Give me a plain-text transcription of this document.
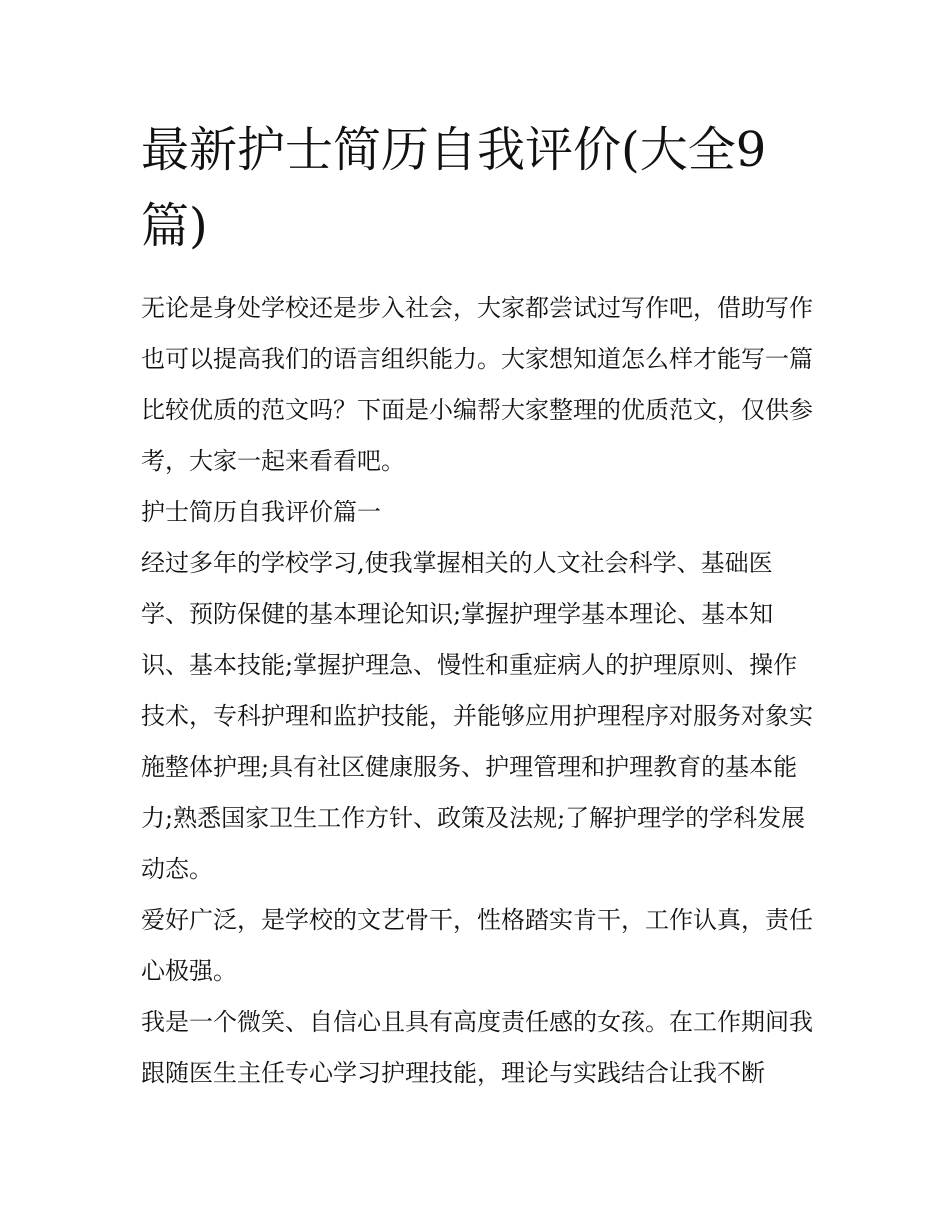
最新护士简历自我评价(大全9篇)

无论是身处学校还是步入社会，大家都尝试过写作吧，借助写作也可以提高我们的语言组织能力。大家想知道怎么样才能写一篇比较优质的范文吗？下面是小编帮大家整理的优质范文，仅供参考，大家一起来看看吧。

护士简历自我评价篇一

经过多年的学校学习,使我掌握相关的人文社会科学、基础医学、预防保健的基本理论知识;掌握护理学基本理论、基本知识、基本技能;掌握护理急、慢性和重症病人的护理原则、操作技术，专科护理和监护技能，并能够应用护理程序对服务对象实施整体护理;具有社区健康服务、护理管理和护理教育的基本能力;熟悉国家卫生工作方针、政策及法规;了解护理学的学科发展动态。

爱好广泛，是学校的文艺骨干，性格踏实肯干，工作认真，责任心极强。

我是一个微笑、自信心且具有高度责任感的女孩。在工作期间我跟随医生主任专心学习护理技能，理论与实践结合让我不断
